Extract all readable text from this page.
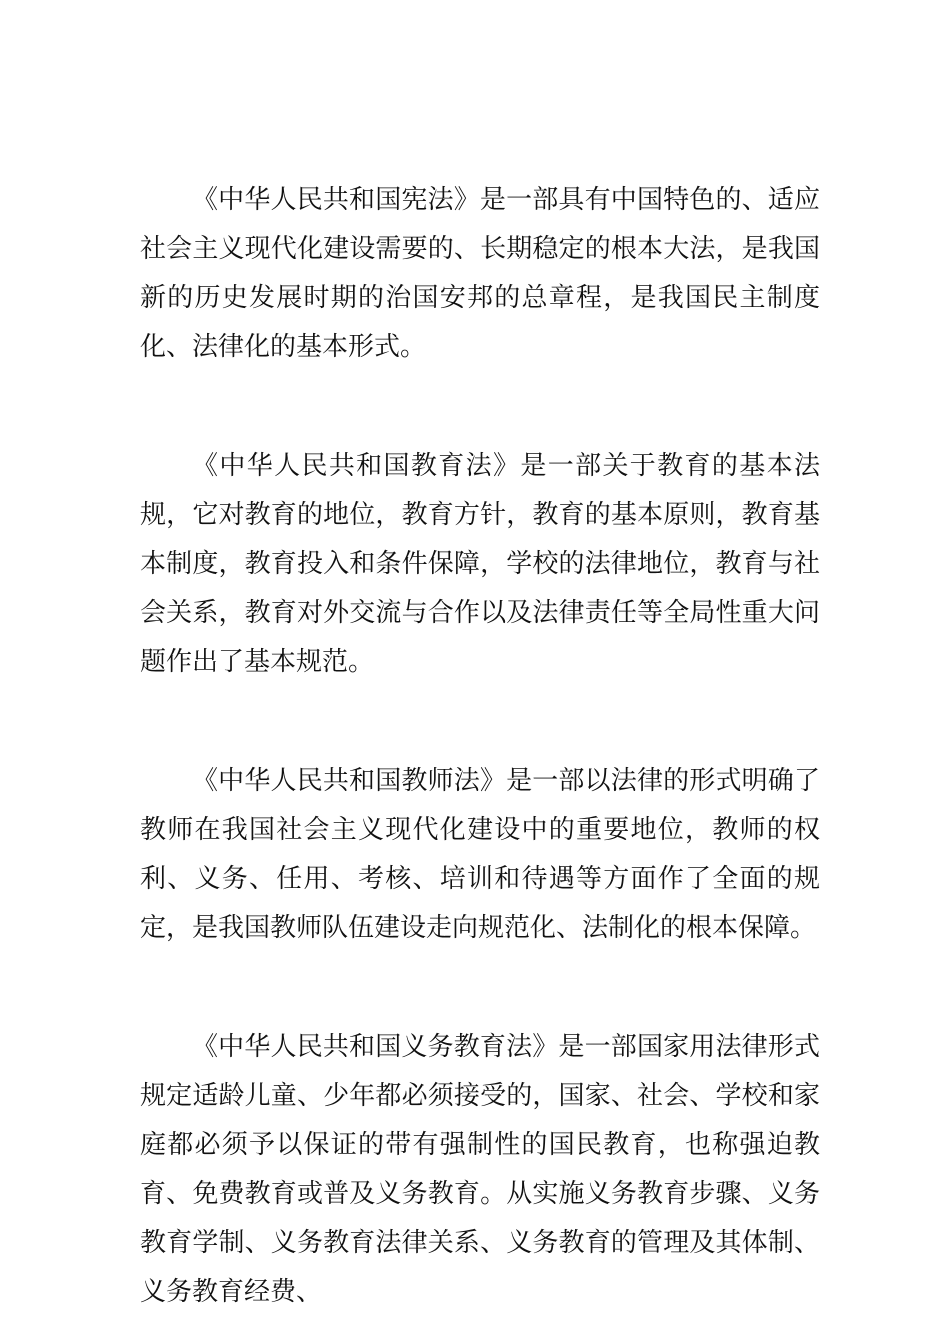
《中华人民共和国宪法》是一部具有中国特色的、适应社会主义现代化建设需要的、长期稳定的根本大法，是我国新的历史发展时期的治国安邦的总章程，是我国民主制度化、法律化的基本形式。

《中华人民共和国教育法》是一部关于教育的基本法规，它对教育的地位，教育方针，教育的基本原则，教育基本制度，教育投入和条件保障，学校的法律地位，教育与社会关系，教育对外交流与合作以及法律责任等全局性重大问题作出了基本规范。

《中华人民共和国教师法》是一部以法律的形式明确了教师在我国社会主义现代化建设中的重要地位，教师的权利、义务、任用、考核、培训和待遇等方面作了全面的规定，是我国教师队伍建设走向规范化、法制化的根本保障。

《中华人民共和国义务教育法》是一部国家用法律形式规定适龄儿童、少年都必须接受的，国家、社会、学校和家庭都必须予以保证的带有强制性的国民教育，也称强迫教育、免费教育或普及义务教育。从实施义务教育步骤、义务教育学制、义务教育法律关系、义务教育的管理及其体制、义务教育经费、
